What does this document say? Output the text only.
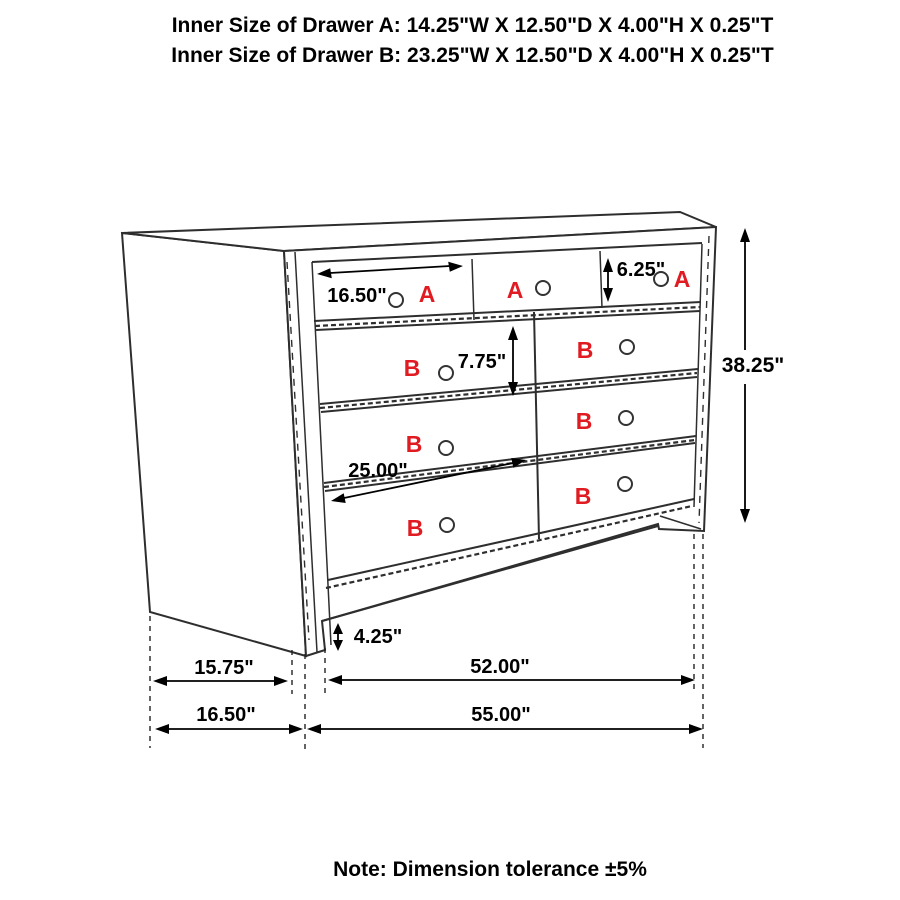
Inner Size of Drawer A: 14.25"W X 12.50"D X 4.00"H X 0.25"T
Inner Size of Drawer B: 23.25"W X 12.50"D X 4.00"H X 0.25"T
A	A	A
B
B
B
B
B
B
16.50"
6.25"
38.25"
7.75"
25.00"
4.25"
15.75"	52.00"
16.50"	55.00"
Note: Dimension tolerance ±5%
